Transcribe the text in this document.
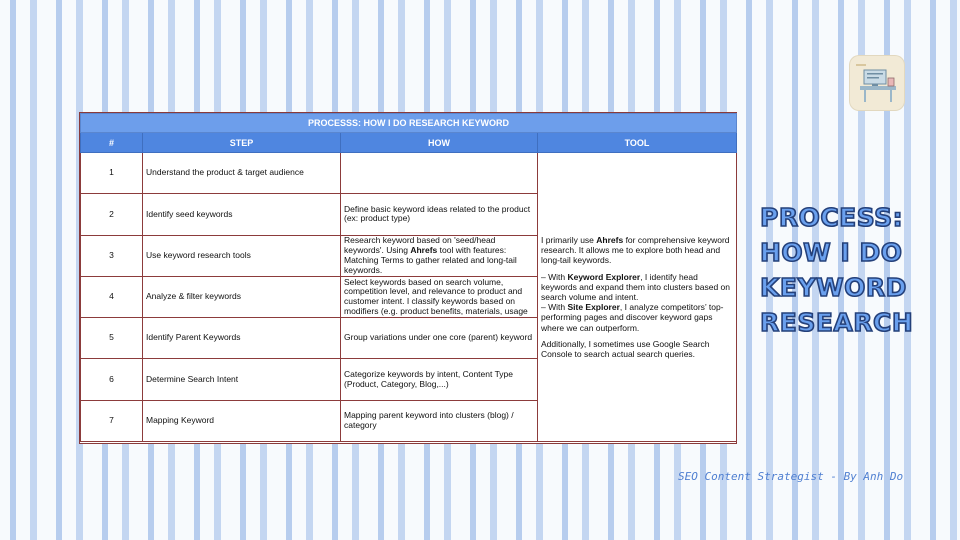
PROCESSS: HOW I DO RESEARCH KEYWORD			
#	STEP	HOW	TOOL
1	Understand the product & target audience		I primarily use Ahrefs for comprehensive keyword research. It allows me to explore both head and long-tail keywords.

– With Keyword Explorer, I identify head keywords and expand them into clusters based on search volume and intent.
– With Site Explorer, I analyze competitors’ top-performing pages and discover keyword gaps where we can outperform.

Additionally, I sometimes use Google Search Console to search actual search queries.

2	Identify seed keywords	Define basic keyword ideas related to the product (ex: product type)	
3	Use keyword research tools	Research keyword based on 'seed/head keywords'. Using Ahrefs tool with features: Matching Terms to gather related and long-tail keywords.	
4	Analyze & filter keywords	Select keywords based on search volume, competition level, and relevance to product and customer intent. I classify keywords based on modifiers (e.g. product benefits, materials, usage	
5	Identify Parent Keywords	Group variations under one core (parent) keyword	
6	Determine Search Intent	Categorize keywords by intent, Content Type (Product, Category, Blog,...)	
7	Mapping Keyword	Mapping parent keyword into clusters (blog) / category	
PROCESS:
HOW I DO
KEYWORD
RESEARCH
SEO Content Strategist - By Anh Do
